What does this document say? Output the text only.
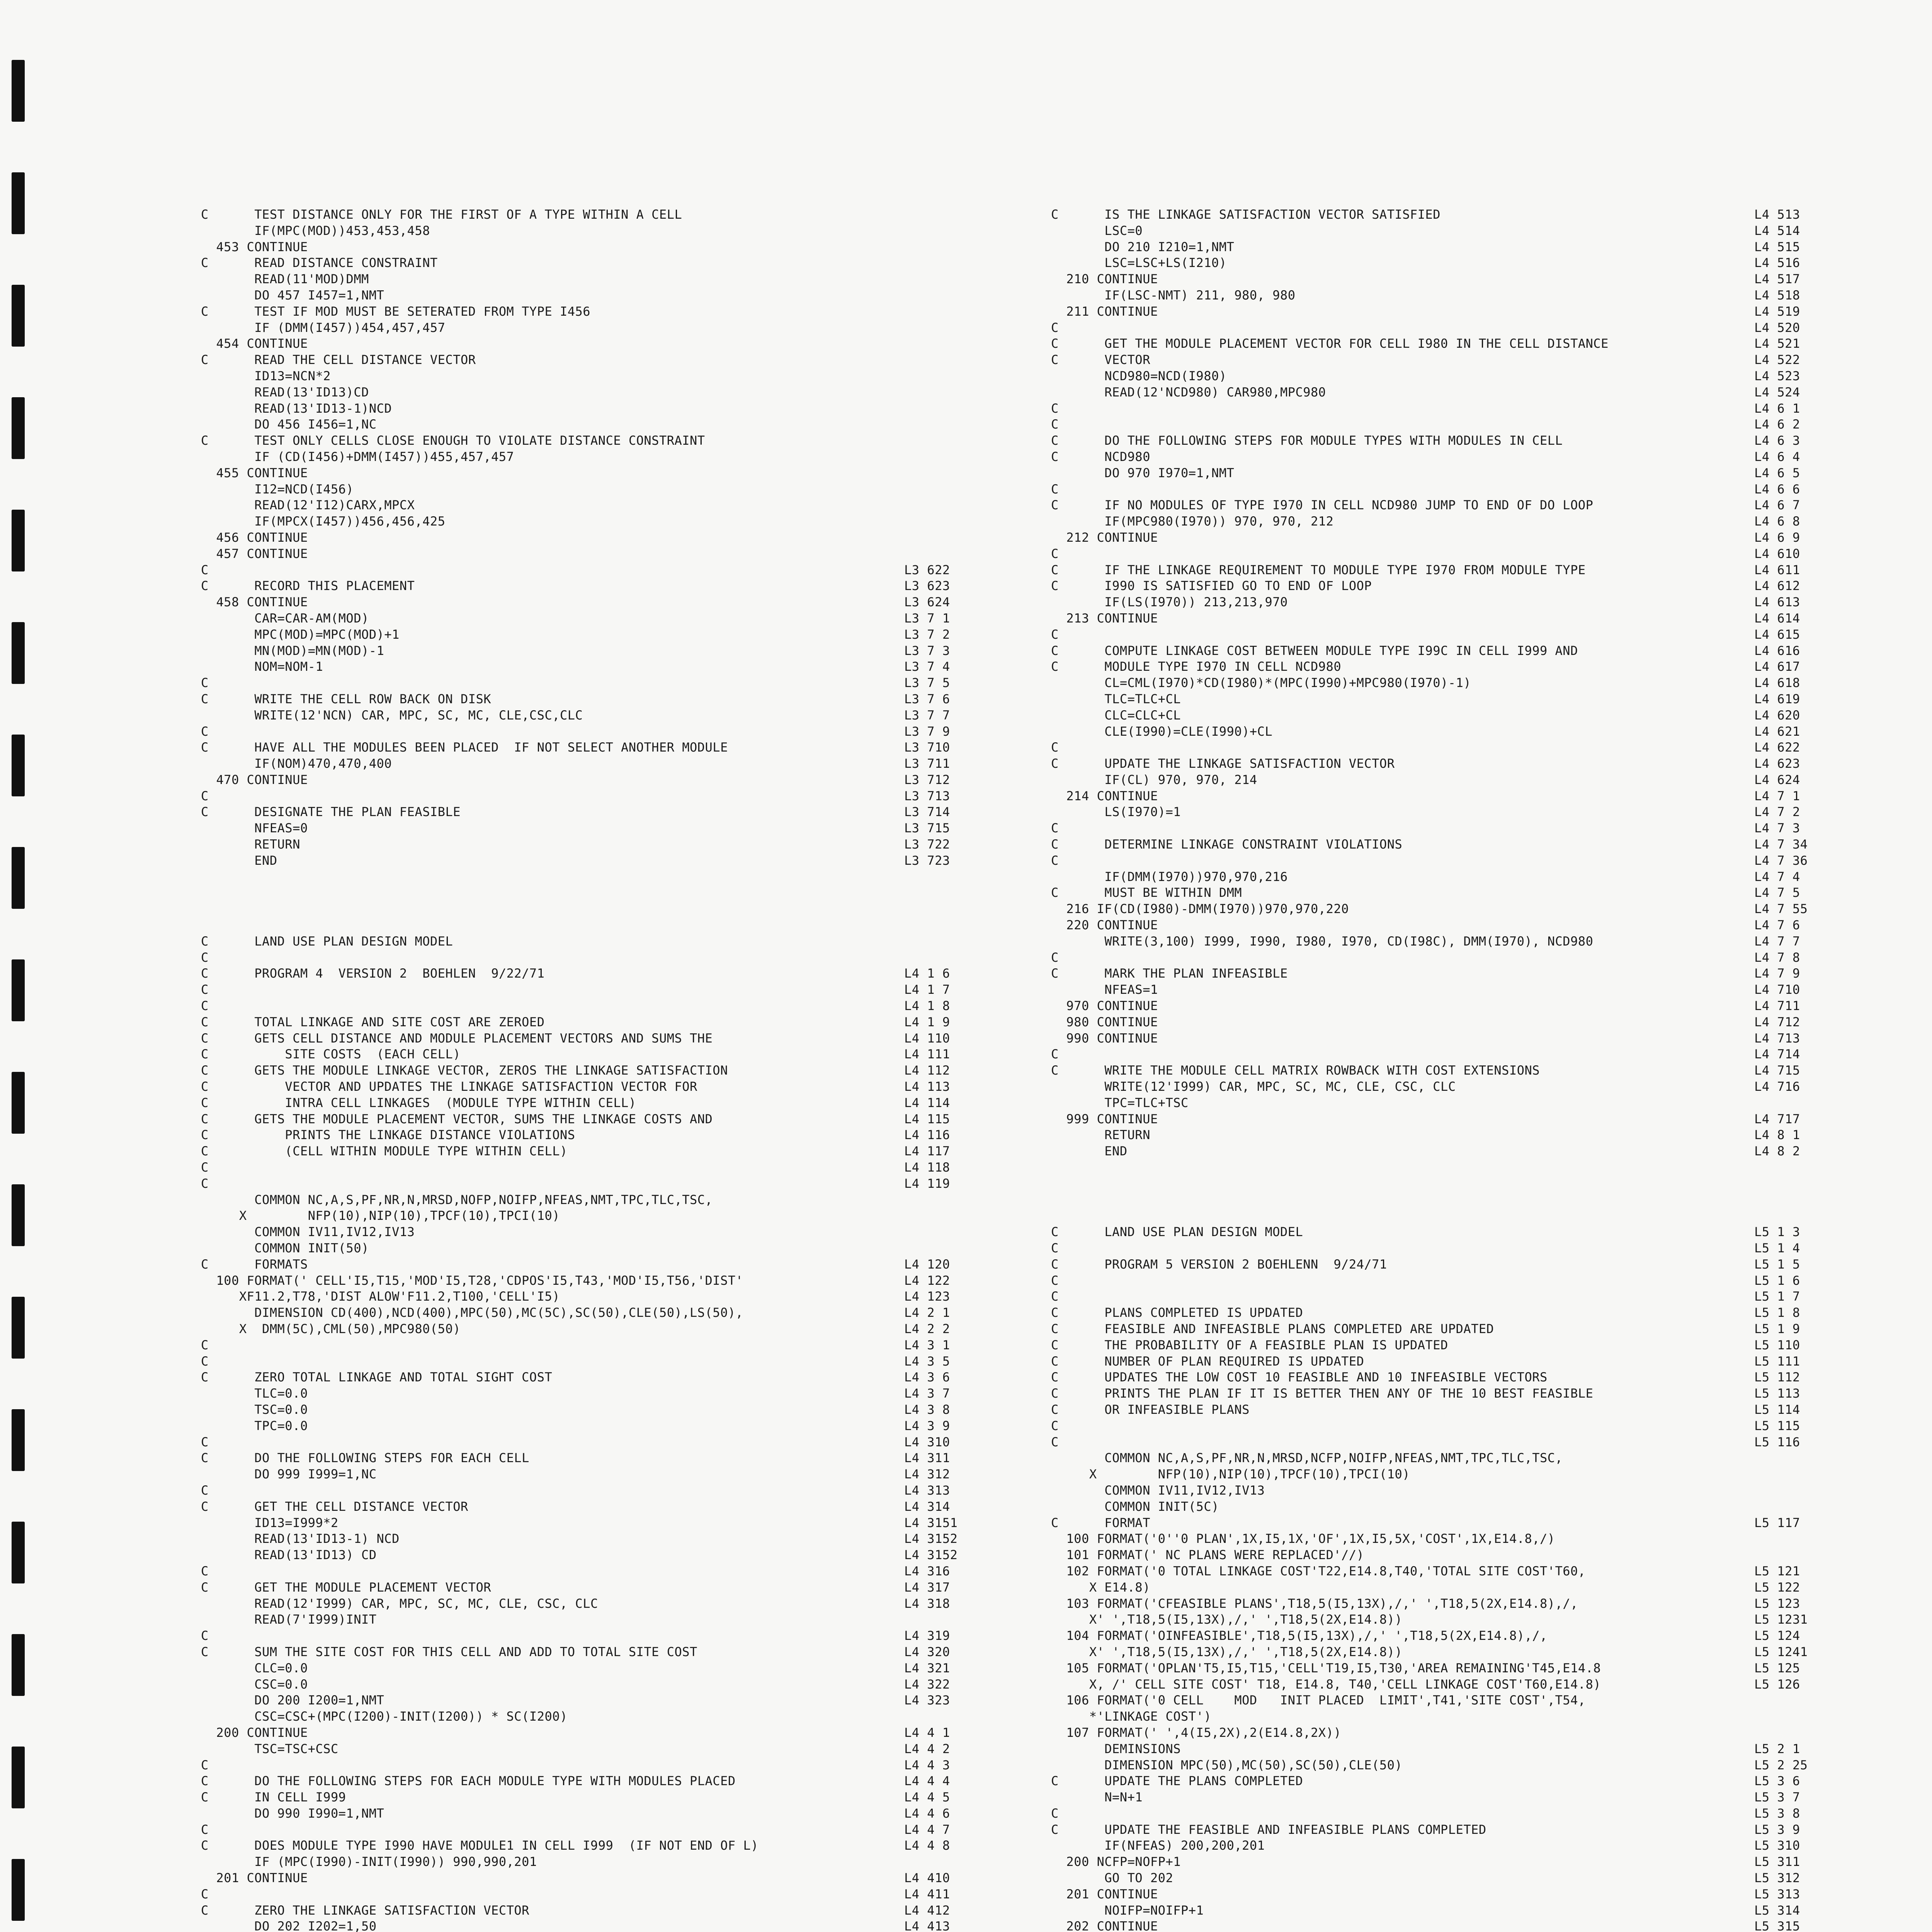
C      TEST DISTANCE ONLY FOR THE FIRST OF A TYPE WITHIN A CELL
IF(MPC(MOD))453,453,458
453 CONTINUE
C      READ DISTANCE CONSTRAINT
READ(11'MOD)DMM
DO 457 I457=1,NMT
C      TEST IF MOD MUST BE SETERATED FROM TYPE I456
IF (DMM(I457))454,457,457
454 CONTINUE
C      READ THE CELL DISTANCE VECTOR
ID13=NCN*2
READ(13'ID13)CD
READ(13'ID13-1)NCD
DO 456 I456=1,NC
C      TEST ONLY CELLS CLOSE ENOUGH TO VIOLATE DISTANCE CONSTRAINT
IF (CD(I456)+DMM(I457))455,457,457
455 CONTINUE
I12=NCD(I456)
READ(12'I12)CARX,MPCX
IF(MPCX(I457))456,456,425
456 CONTINUE
457 CONTINUE
C	L3 622
C      RECORD THIS PLACEMENT	L3 623
458 CONTINUE	L3 624
CAR=CAR-AM(MOD)	L3 7 1
MPC(MOD)=MPC(MOD)+1	L3 7 2
MN(MOD)=MN(MOD)-1	L3 7 3
NOM=NOM-1	L3 7 4
C	L3 7 5
C      WRITE THE CELL ROW BACK ON DISK	L3 7 6
WRITE(12'NCN) CAR, MPC, SC, MC, CLE,CSC,CLC	L3 7 7
C	L3 7 9
C      HAVE ALL THE MODULES BEEN PLACED  IF NOT SELECT ANOTHER MODULE	L3 710
IF(NOM)470,470,400	L3 711
470 CONTINUE	L3 712
C	L3 713
C      DESIGNATE THE PLAN FEASIBLE	L3 714
NFEAS=0	L3 715
RETURN	L3 722
END	L3 723
C      LAND USE PLAN DESIGN MODEL
C
C      PROGRAM 4  VERSION 2  BOEHLEN  9/22/71	L4 1 6
C	L4 1 7
C	L4 1 8
C      TOTAL LINKAGE AND SITE COST ARE ZEROED	L4 1 9
C      GETS CELL DISTANCE AND MODULE PLACEMENT VECTORS AND SUMS THE	L4 110
C          SITE COSTS  (EACH CELL)	L4 111
C      GETS THE MODULE LINKAGE VECTOR, ZEROS THE LINKAGE SATISFACTION	L4 112
C          VECTOR AND UPDATES THE LINKAGE SATISFACTION VECTOR FOR	L4 113
C          INTRA CELL LINKAGES  (MODULE TYPE WITHIN CELL)	L4 114
C      GETS THE MODULE PLACEMENT VECTOR, SUMS THE LINKAGE COSTS AND	L4 115
C          PRINTS THE LINKAGE DISTANCE VIOLATIONS	L4 116
C          (CELL WITHIN MODULE TYPE WITHIN CELL)	L4 117
C	L4 118
C	L4 119
COMMON NC,A,S,PF,NR,N,MRSD,NOFP,NOIFP,NFEAS,NMT,TPC,TLC,TSC,
X        NFP(10),NIP(10),TPCF(10),TPCI(10)
COMMON IV11,IV12,IV13
COMMON INIT(50)
C      FORMATS	L4 120
100 FORMAT(' CELL'I5,T15,'MOD'I5,T28,'CDPOS'I5,T43,'MOD'I5,T56,'DIST'	L4 122
XF11.2,T78,'DIST ALOW'F11.2,T100,'CELL'I5)	L4 123
DIMENSION CD(400),NCD(400),MPC(50),MC(5C),SC(50),CLE(50),LS(50),	L4 2 1
X  DMM(5C),CML(50),MPC980(50)	L4 2 2
C	L4 3 1
C	L4 3 5
C      ZERO TOTAL LINKAGE AND TOTAL SIGHT COST	L4 3 6
TLC=0.0	L4 3 7
TSC=0.0	L4 3 8
TPC=0.0	L4 3 9
C	L4 310
C      DO THE FOLLOWING STEPS FOR EACH CELL	L4 311
DO 999 I999=1,NC	L4 312
C	L4 313
C      GET THE CELL DISTANCE VECTOR	L4 314
ID13=I999*2	L4 3151
READ(13'ID13-1) NCD	L4 3152
READ(13'ID13) CD	L4 3152
C	L4 316
C      GET THE MODULE PLACEMENT VECTOR	L4 317
READ(12'I999) CAR, MPC, SC, MC, CLE, CSC, CLC	L4 318
READ(7'I999)INIT
C	L4 319
C      SUM THE SITE COST FOR THIS CELL AND ADD TO TOTAL SITE COST	L4 320
CLC=0.0	L4 321
CSC=0.0	L4 322
DO 200 I200=1,NMT	L4 323
CSC=CSC+(MPC(I200)-INIT(I200)) * SC(I200)
200 CONTINUE	L4 4 1
TSC=TSC+CSC	L4 4 2
C	L4 4 3
C      DO THE FOLLOWING STEPS FOR EACH MODULE TYPE WITH MODULES PLACED	L4 4 4
C      IN CELL I999	L4 4 5
DO 990 I990=1,NMT	L4 4 6
C	L4 4 7
C      DOES MODULE TYPE I990 HAVE MODULE1 IN CELL I999  (IF NOT END OF L)	L4 4 8
IF (MPC(I990)-INIT(I990)) 990,990,201
201 CONTINUE	L4 410
C	L4 411
C      ZERO THE LINKAGE SATISFACTION VECTOR	L4 412
DO 202 I202=1,50	L4 413
C      IS THE LINKAGE SATISFACTION VECTOR SATISFIED	L4 513
LSC=0	L4 514
DO 210 I210=1,NMT	L4 515
LSC=LSC+LS(I210)	L4 516
210 CONTINUE	L4 517
IF(LSC-NMT) 211, 980, 980	L4 518
211 CONTINUE	L4 519
C	L4 520
C      GET THE MODULE PLACEMENT VECTOR FOR CELL I980 IN THE CELL DISTANCE	L4 521
C      VECTOR	L4 522
NCD980=NCD(I980)	L4 523
READ(12'NCD980) CAR980,MPC980	L4 524
C	L4 6 1
C	L4 6 2
C      DO THE FOLLOWING STEPS FOR MODULE TYPES WITH MODULES IN CELL	L4 6 3
C      NCD980	L4 6 4
DO 970 I970=1,NMT	L4 6 5
C	L4 6 6
C      IF NO MODULES OF TYPE I970 IN CELL NCD980 JUMP TO END OF DO LOOP	L4 6 7
IF(MPC980(I970)) 970, 970, 212	L4 6 8
212 CONTINUE	L4 6 9
C	L4 610
C      IF THE LINKAGE REQUIREMENT TO MODULE TYPE I970 FROM MODULE TYPE	L4 611
C      I990 IS SATISFIED GO TO END OF LOOP	L4 612
IF(LS(I970)) 213,213,970	L4 613
213 CONTINUE	L4 614
C	L4 615
C      COMPUTE LINKAGE COST BETWEEN MODULE TYPE I99C IN CELL I999 AND	L4 616
C      MODULE TYPE I970 IN CELL NCD980	L4 617
CL=CML(I970)*CD(I980)*(MPC(I990)+MPC980(I970)-1)	L4 618
TLC=TLC+CL	L4 619
CLC=CLC+CL	L4 620
CLE(I990)=CLE(I990)+CL	L4 621
C	L4 622
C      UPDATE THE LINKAGE SATISFACTION VECTOR	L4 623
IF(CL) 970, 970, 214	L4 624
214 CONTINUE	L4 7 1
LS(I970)=1	L4 7 2
C	L4 7 3
C      DETERMINE LINKAGE CONSTRAINT VIOLATIONS	L4 7 34
C	L4 7 36
IF(DMM(I970))970,970,216	L4 7 4
C      MUST BE WITHIN DMM	L4 7 5
216 IF(CD(I980)-DMM(I970))970,970,220	L4 7 55
220 CONTINUE	L4 7 6
WRITE(3,100) I999, I990, I980, I970, CD(I98C), DMM(I970), NCD980	L4 7 7
C	L4 7 8
C      MARK THE PLAN INFEASIBLE	L4 7 9
NFEAS=1	L4 710
970 CONTINUE	L4 711
980 CONTINUE	L4 712
990 CONTINUE	L4 713
C	L4 714
C      WRITE THE MODULE CELL MATRIX ROWBACK WITH COST EXTENSIONS	L4 715
WRITE(12'I999) CAR, MPC, SC, MC, CLE, CSC, CLC	L4 716
TPC=TLC+TSC
999 CONTINUE	L4 717
RETURN	L4 8 1
END	L4 8 2
C      LAND USE PLAN DESIGN MODEL	L5 1 3
C	L5 1 4
C      PROGRAM 5 VERSION 2 BOEHLENN  9/24/71	L5 1 5
C	L5 1 6
C	L5 1 7
C      PLANS COMPLETED IS UPDATED	L5 1 8
C      FEASIBLE AND INFEASIBLE PLANS COMPLETED ARE UPDATED	L5 1 9
C      THE PROBABILITY OF A FEASIBLE PLAN IS UPDATED	L5 110
C      NUMBER OF PLAN REQUIRED IS UPDATED	L5 111
C      UPDATES THE LOW COST 10 FEASIBLE AND 10 INFEASIBLE VECTORS	L5 112
C      PRINTS THE PLAN IF IT IS BETTER THEN ANY OF THE 10 BEST FEASIBLE	L5 113
C      OR INFEASIBLE PLANS	L5 114
C	L5 115
C	L5 116
COMMON NC,A,S,PF,NR,N,MRSD,NCFP,NOIFP,NFEAS,NMT,TPC,TLC,TSC,
X        NFP(10),NIP(10),TPCF(10),TPCI(10)
COMMON IV11,IV12,IV13
COMMON INIT(5C)
C      FORMAT	L5 117
100 FORMAT('0''0 PLAN',1X,I5,1X,'OF',1X,I5,5X,'COST',1X,E14.8,/)
101 FORMAT(' NC PLANS WERE REPLACED'//)
102 FORMAT('0 TOTAL LINKAGE COST'T22,E14.8,T40,'TOTAL SITE COST'T60,	L5 121
X E14.8)	L5 122
103 FORMAT('CFEASIBLE PLANS',T18,5(I5,13X),/,' ',T18,5(2X,E14.8),/,	L5 123
X' ',T18,5(I5,13X),/,' ',T18,5(2X,E14.8))	L5 1231
104 FORMAT('OINFEASIBLE',T18,5(I5,13X),/,' ',T18,5(2X,E14.8),/,	L5 124
X' ',T18,5(I5,13X),/,' ',T18,5(2X,E14.8))	L5 1241
105 FORMAT('OPLAN'T5,I5,T15,'CELL'T19,I5,T30,'AREA REMAINING'T45,E14.8	L5 125
X, /' CELL SITE COST' T18, E14.8, T40,'CELL LINKAGE COST'T60,E14.8)	L5 126
106 FORMAT('0 CELL    MOD   INIT PLACED  LIMIT',T41,'SITE COST',T54,
*'LINKAGE COST')
107 FORMAT(' ',4(I5,2X),2(E14.8,2X))
DEMINSIONS	L5 2 1
DIMENSION MPC(50),MC(50),SC(50),CLE(50)	L5 2 25
C      UPDATE THE PLANS COMPLETED	L5 3 6
N=N+1	L5 3 7
C	L5 3 8
C      UPDATE THE FEASIBLE AND INFEASIBLE PLANS COMPLETED	L5 3 9
IF(NFEAS) 200,200,201	L5 310
200 NCFP=NOFP+1	L5 311
GO TO 202	L5 312
201 CONTINUE	L5 313
NOIFP=NOIFP+1	L5 314
202 CONTINUE	L5 315
